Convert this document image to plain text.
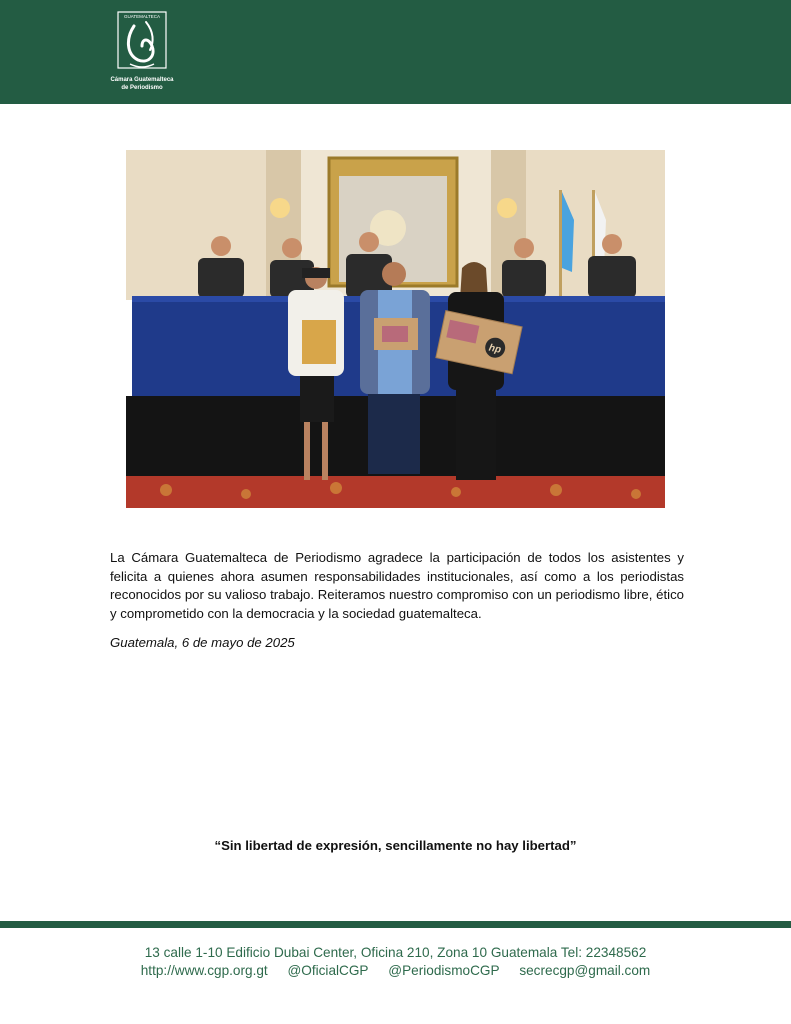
GUATEMALTECA
Cámara Guatemalteca
de Periodismo
hp
La Cámara Guatemalteca de Periodismo agradece la participación de todos los asistentes y felicita a quienes ahora asumen responsabilidades institucionales, así como a los periodistas reconocidos por su valioso trabajo. Reiteramos nuestro compromiso con un periodismo libre, ético y comprometido con la democracia y la sociedad guatemalteca.
Guatemala, 6 de mayo de 2025
“Sin libertad de expresión, sencillamente no hay libertad”
13 calle 1-10 Edificio Dubai Center, Oficina 210, Zona 10 Guatemala Tel: 22348562
http://www.cgp.org.gt @OficialCGP @PeriodismoCGP secrecgp@gmail.com
